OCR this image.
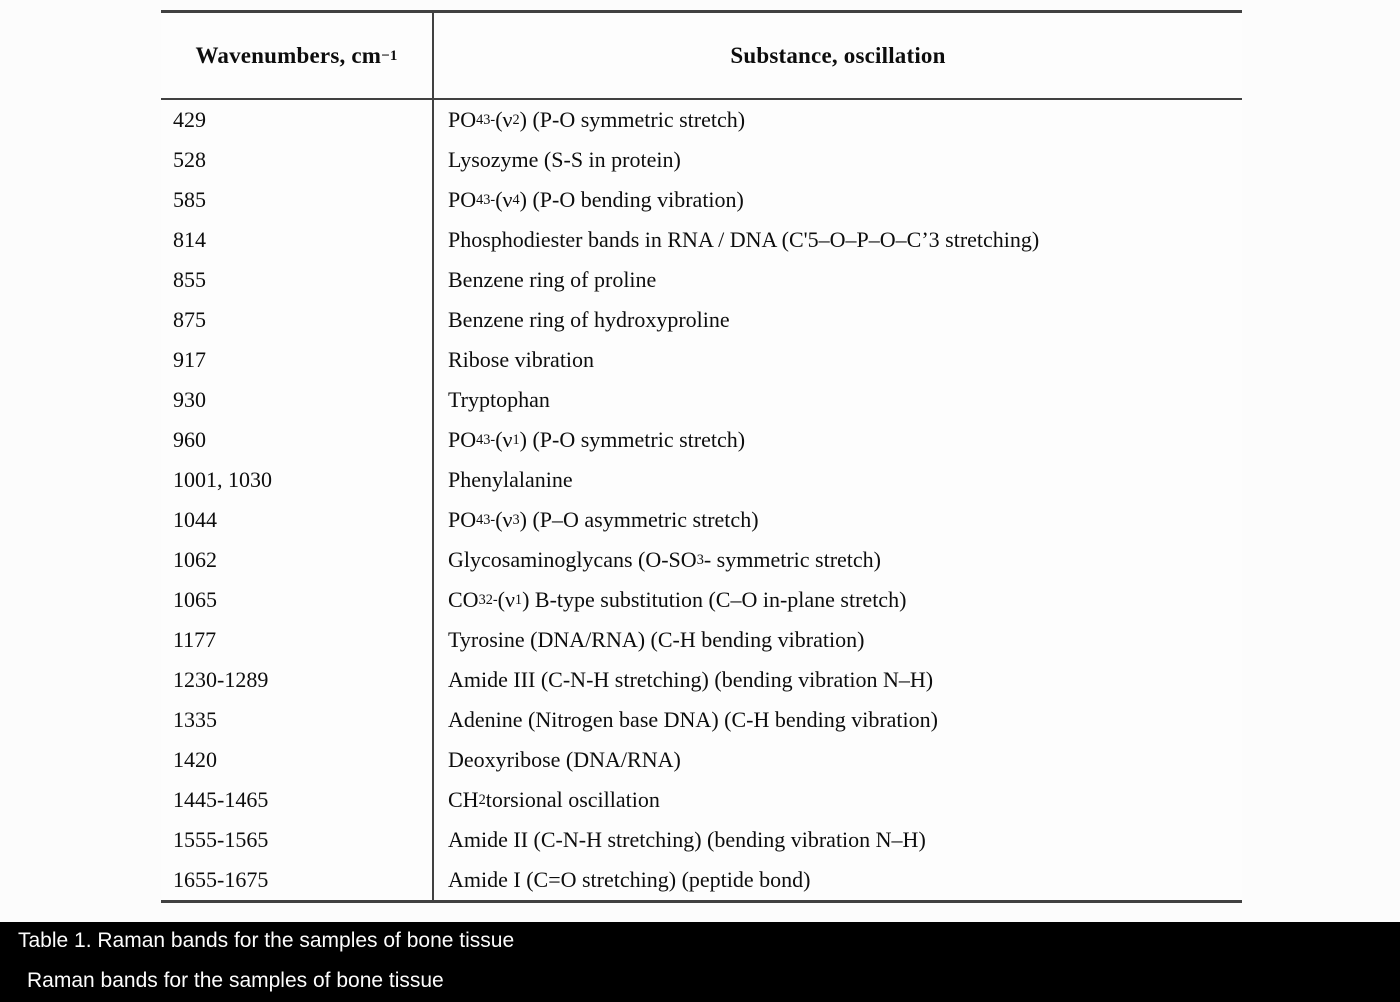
Wavenumbers, cm −1	Substance, oscillation
429	PO 4 3- (ν 2 ) (P-O symmetric stretch)
528	Lysozyme (S-S in protein)
585	PO 4 3- (ν 4 ) (P-O bending vibration)
814	Phosphodiester bands in RNA / DNA (C'5–O–P–O–C’3 stretching)
855	Benzene ring of proline
875	Benzene ring of hydroxyproline
917	Ribose vibration
930	Tryptophan
960	PO 4 3- (ν 1 ) (P-O symmetric stretch)
1001, 1030	Phenylalanine
1044	PO 4 3- (ν 3 ) (P–O asymmetric stretch)
1062	Glycosaminoglycans (O-SO 3 - symmetric stretch)
1065	CO 3 2- (ν 1 ) B-type substitution (C–O in-plane stretch)
1177	Tyrosine (DNA/RNA) (C-H bending vibration)
1230-1289	Amide III (C-N-H stretching) (bending vibration N–H)
1335	Adenine (Nitrogen base DNA) (C-H bending vibration)
1420	Deoxyribose (DNA/RNA)
1445-1465	CH 2 torsional oscillation
1555-1565	Amide II (C-N-H stretching) (bending vibration N–H)
1655-1675	Amide I (C=O stretching) (peptide bond)
Table 1. Raman bands for the samples of bone tissue
Raman bands for the samples of bone tissue
